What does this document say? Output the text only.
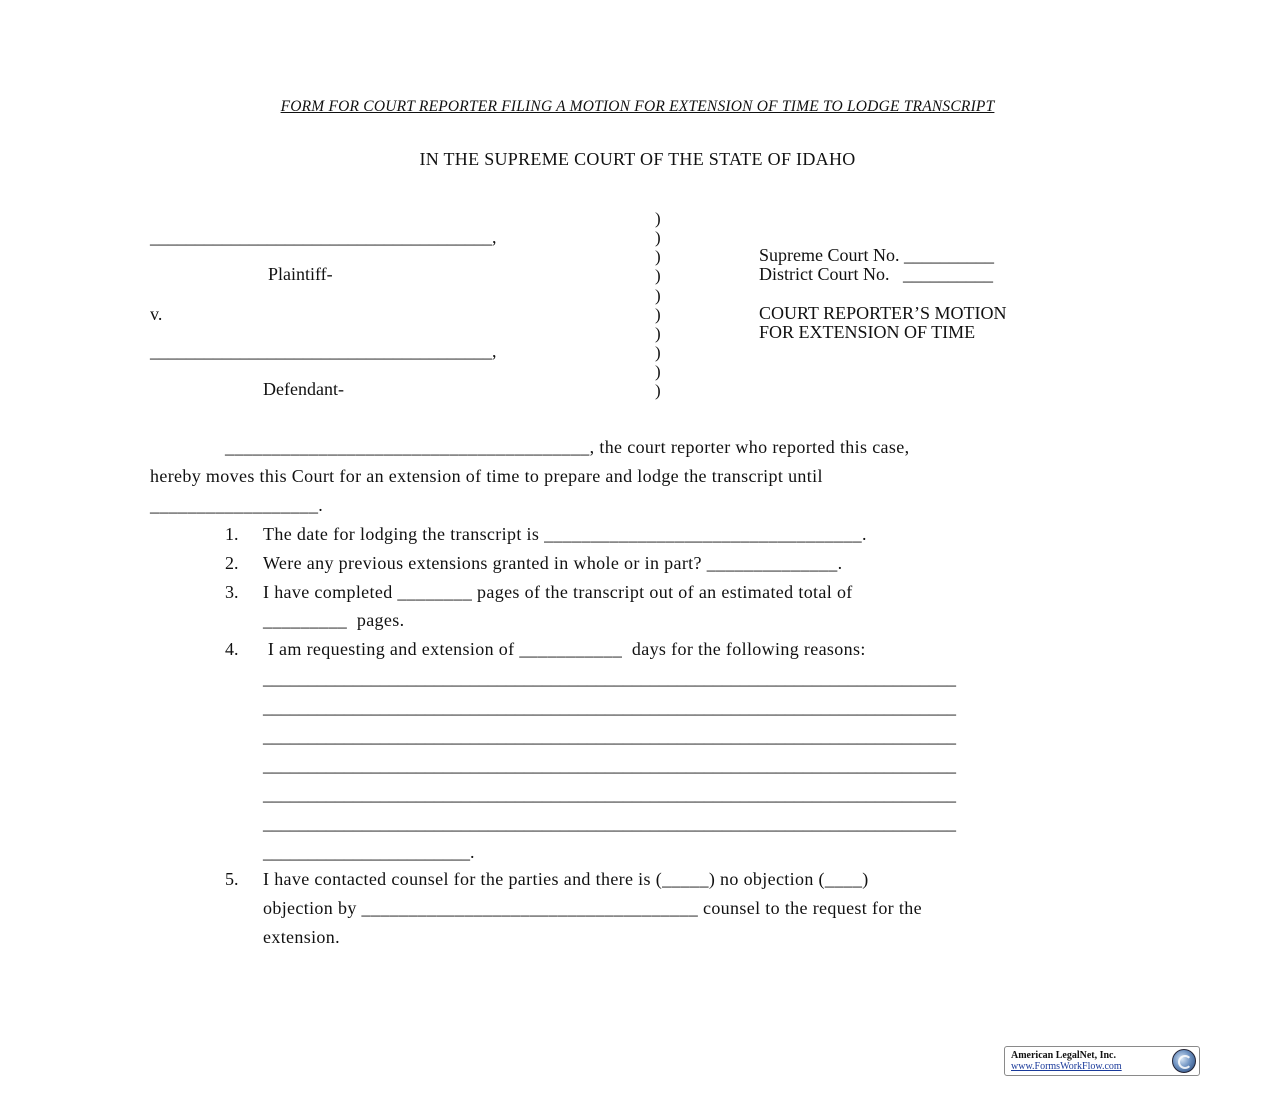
FORM FOR COURT REPORTER FILING A MOTION FOR EXTENSION OF TIME TO LODGE TRANSCRIPT
IN THE SUPREME COURT OF THE STATE OF IDAHO
______________________________________,
Plaintiff-
v.
______________________________________,
Defendant-
)
)
)
)
)
)
)
)
)
)
Supreme Court No. __________
District Court No.   __________
COURT REPORTER’S MOTION
FOR EXTENSION OF TIME
_______________________________________, the court reporter who reported this case,
hereby moves this Court for an extension of time to prepare and lodge the transcript until
__________________.
1. The date for lodging the transcript is __________________________________.
2. Were any previous extensions granted in whole or in part? ______________.
3. I have completed ________ pages of the transcript out of an estimated total of
_________  pages.
4. I am requesting and extension of ___________  days for the following reasons:
_____________________________________________________________________________
_____________________________________________________________________________
_____________________________________________________________________________
_____________________________________________________________________________
_____________________________________________________________________________
_____________________________________________________________________________
_______________________.
5. I have contacted counsel for the parties and there is (_____) no objection (____)
objection by ____________________________________ counsel to the request for the
extension.
American LegalNet, Inc.
www.FormsWorkFlow.com
